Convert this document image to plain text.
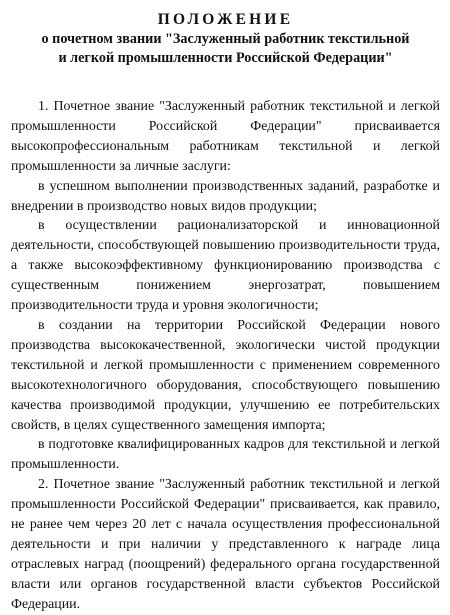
ПОЛОЖЕНИЕ
о почетном звании "Заслуженный работник текстильной
и легкой промышленности Российской Федерации"

1. Почетное звание "Заслуженный работник текстильной и легкой промышленности Российской Федерации" присваивается высокопрофессиональным работникам текстильной и легкой промышленности за личные заслуги:

в успешном выполнении производственных заданий, разработке и внедрении в производство новых видов продукции;

в осуществлении рационализаторской и инновационной деятельности, способствующей повышению производительности труда, а также высокоэффективному функционированию производства с существенным понижением энергозатрат, повышением производительности труда и уровня экологичности;

в создании на территории Российской Федерации нового производства высококачественной, экологически чистой продукции текстильной и легкой промышленности с применением современного высокотехнологичного оборудования, способствующего повышению качества производимой продукции, улучшению ее потребительских свойств, в целях существенного замещения импорта;

в подготовке квалифицированных кадров для текстильной и легкой промышленности.

2. Почетное звание "Заслуженный работник текстильной и легкой промышленности Российской Федерации" присваивается, как правило, не ранее чем через 20 лет с начала осуществления профессиональной деятельности и при наличии у представленного к награде лица отраслевых наград (поощрений) федерального органа государственной власти или органов государственной власти субъектов Российской Федерации.
